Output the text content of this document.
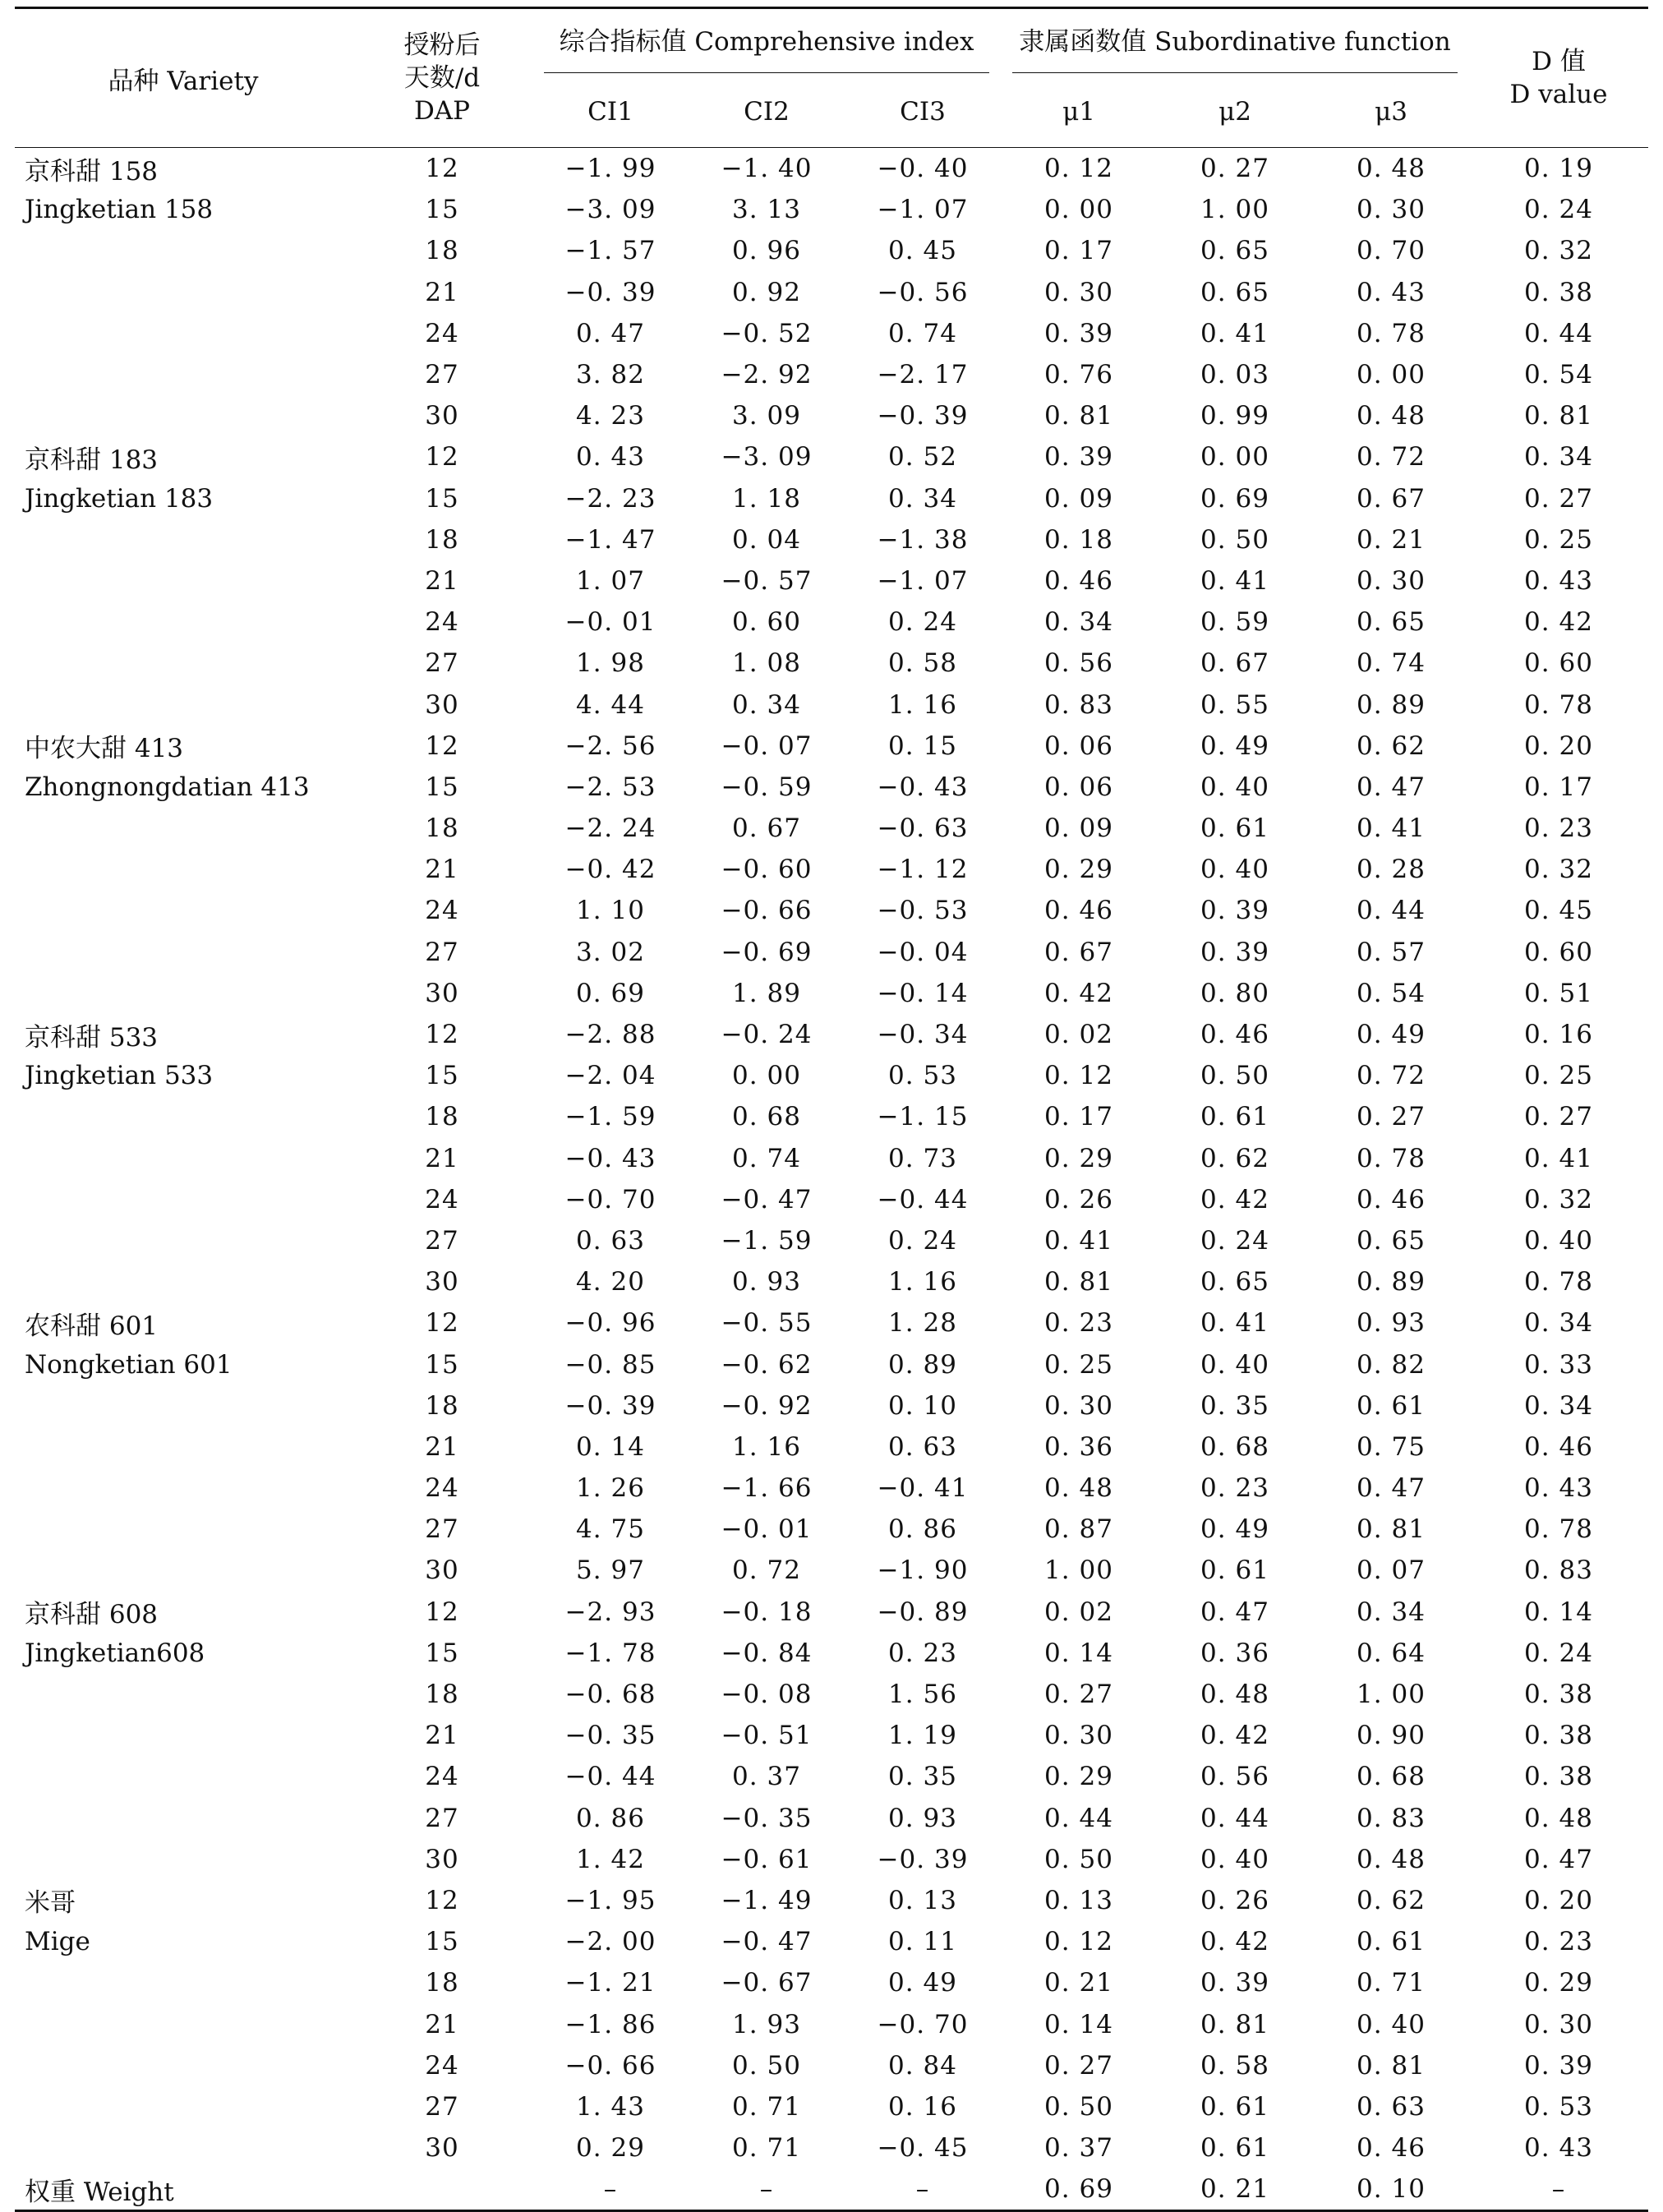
品种 Variety	授粉后
天数/d
DAP	综合指标值 Comprehensive index			隶属函数值 Subordinative function			D 值
D value

		CI1	CI2	CI3	μ1	μ2	μ3	
京科甜 158	12	−1. 99	−1. 40	−0. 40	0. 12	0. 27	0. 48	0. 19
Jingketian 158	15	−3. 09	3. 13	−1. 07	0. 00	1. 00	0. 30	0. 24
	18	−1. 57	0. 96	0. 45	0. 17	0. 65	0. 70	0. 32
	21	−0. 39	0. 92	−0. 56	0. 30	0. 65	0. 43	0. 38
	24	0. 47	−0. 52	0. 74	0. 39	0. 41	0. 78	0. 44
	27	3. 82	−2. 92	−2. 17	0. 76	0. 03	0. 00	0. 54
	30	4. 23	3. 09	−0. 39	0. 81	0. 99	0. 48	0. 81
京科甜 183	12	0. 43	−3. 09	0. 52	0. 39	0. 00	0. 72	0. 34
Jingketian 183	15	−2. 23	1. 18	0. 34	0. 09	0. 69	0. 67	0. 27
	18	−1. 47	0. 04	−1. 38	0. 18	0. 50	0. 21	0. 25
	21	1. 07	−0. 57	−1. 07	0. 46	0. 41	0. 30	0. 43
	24	−0. 01	0. 60	0. 24	0. 34	0. 59	0. 65	0. 42
	27	1. 98	1. 08	0. 58	0. 56	0. 67	0. 74	0. 60
	30	4. 44	0. 34	1. 16	0. 83	0. 55	0. 89	0. 78
中农大甜 413	12	−2. 56	−0. 07	0. 15	0. 06	0. 49	0. 62	0. 20
Zhongnongdatian 413	15	−2. 53	−0. 59	−0. 43	0. 06	0. 40	0. 47	0. 17
	18	−2. 24	0. 67	−0. 63	0. 09	0. 61	0. 41	0. 23
	21	−0. 42	−0. 60	−1. 12	0. 29	0. 40	0. 28	0. 32
	24	1. 10	−0. 66	−0. 53	0. 46	0. 39	0. 44	0. 45
	27	3. 02	−0. 69	−0. 04	0. 67	0. 39	0. 57	0. 60
	30	0. 69	1. 89	−0. 14	0. 42	0. 80	0. 54	0. 51
京科甜 533	12	−2. 88	−0. 24	−0. 34	0. 02	0. 46	0. 49	0. 16
Jingketian 533	15	−2. 04	0. 00	0. 53	0. 12	0. 50	0. 72	0. 25
	18	−1. 59	0. 68	−1. 15	0. 17	0. 61	0. 27	0. 27
	21	−0. 43	0. 74	0. 73	0. 29	0. 62	0. 78	0. 41
	24	−0. 70	−0. 47	−0. 44	0. 26	0. 42	0. 46	0. 32
	27	0. 63	−1. 59	0. 24	0. 41	0. 24	0. 65	0. 40
	30	4. 20	0. 93	1. 16	0. 81	0. 65	0. 89	0. 78
农科甜 601	12	−0. 96	−0. 55	1. 28	0. 23	0. 41	0. 93	0. 34
Nongketian 601	15	−0. 85	−0. 62	0. 89	0. 25	0. 40	0. 82	0. 33
	18	−0. 39	−0. 92	0. 10	0. 30	0. 35	0. 61	0. 34
	21	0. 14	1. 16	0. 63	0. 36	0. 68	0. 75	0. 46
	24	1. 26	−1. 66	−0. 41	0. 48	0. 23	0. 47	0. 43
	27	4. 75	−0. 01	0. 86	0. 87	0. 49	0. 81	0. 78
	30	5. 97	0. 72	−1. 90	1. 00	0. 61	0. 07	0. 83
京科甜 608	12	−2. 93	−0. 18	−0. 89	0. 02	0. 47	0. 34	0. 14
Jingketian608	15	−1. 78	−0. 84	0. 23	0. 14	0. 36	0. 64	0. 24
	18	−0. 68	−0. 08	1. 56	0. 27	0. 48	1. 00	0. 38
	21	−0. 35	−0. 51	1. 19	0. 30	0. 42	0. 90	0. 38
	24	−0. 44	0. 37	0. 35	0. 29	0. 56	0. 68	0. 38
	27	0. 86	−0. 35	0. 93	0. 44	0. 44	0. 83	0. 48
	30	1. 42	−0. 61	−0. 39	0. 50	0. 40	0. 48	0. 47
米哥	12	−1. 95	−1. 49	0. 13	0. 13	0. 26	0. 62	0. 20
Mige	15	−2. 00	−0. 47	0. 11	0. 12	0. 42	0. 61	0. 23
	18	−1. 21	−0. 67	0. 49	0. 21	0. 39	0. 71	0. 29
	21	−1. 86	1. 93	−0. 70	0. 14	0. 81	0. 40	0. 30
	24	−0. 66	0. 50	0. 84	0. 27	0. 58	0. 81	0. 39
	27	1. 43	0. 71	0. 16	0. 50	0. 61	0. 63	0. 53
	30	0. 29	0. 71	−0. 45	0. 37	0. 61	0. 46	0. 43
权重 Weight		–	–	–	0. 69	0. 21	0. 10	–
